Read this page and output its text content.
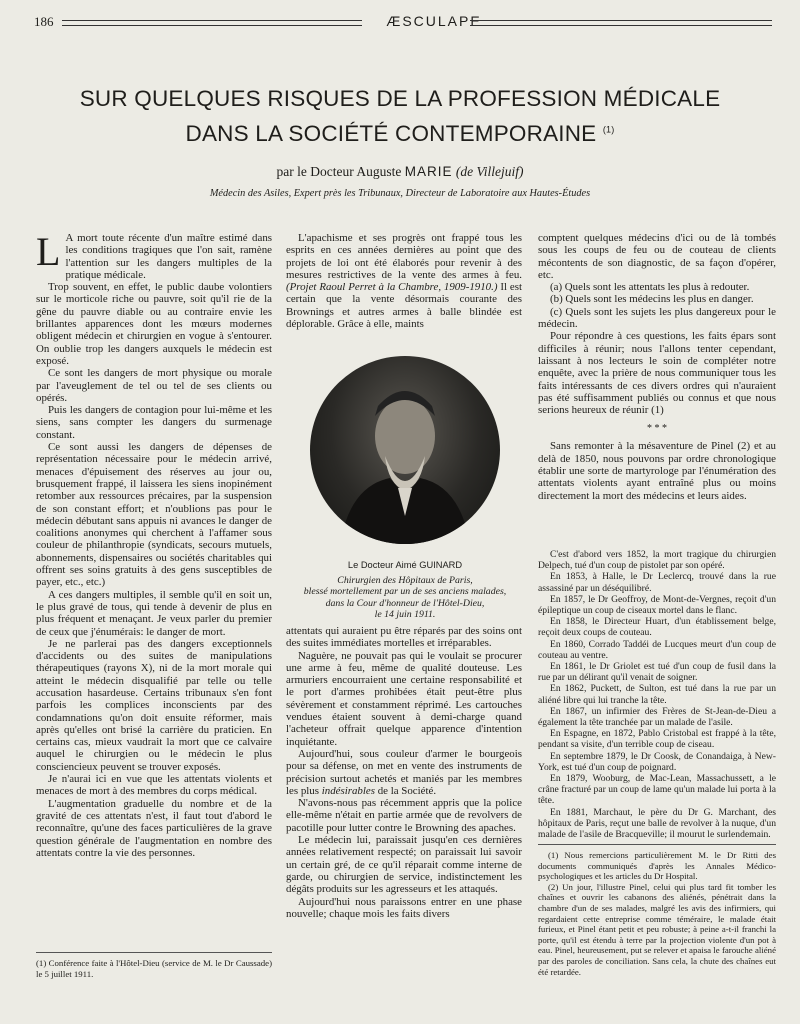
186	ÆSCULAPE
SUR QUELQUES RISQUES DE LA PROFESSION MÉDICALE
DANS LA SOCIÉTÉ CONTEMPORAINE $^{(1)}$
par le Docteur Auguste MARIE (de Villejuif)
Médecin des Asiles, Expert près les Tribunaux, Directeur de Laboratoire aux Hautes-Études

L A mort toute récente d'un maître estimé dans les conditions tragiques que l'on sait, ramène l'attention sur les dangers multiples de la pratique médicale.

Trop souvent, en effet, le public daube volontiers sur le morticole riche ou pauvre, soit qu'il rie de la gêne du pauvre diable ou au contraire envie les brillantes apparences dont les mœurs modernes obligent médecin et chirurgien en vogue à s'entourer. On oublie trop les dangers auxquels le médecin est exposé.

Ce sont les dangers de mort physique ou morale par l'aveuglement de tel ou tel de ses clients ou opérés.

Puis les dangers de contagion pour lui-même et les siens, sans compter les dangers du surmenage constant.

Ce sont aussi les dangers de dépenses de représentation nécessaire pour le médecin arrivé, menaces d'épuisement des réserves au jour ou, brusquement frappé, il laissera les siens inopinément retomber aux ressources précaires, par la suspension de son constant effort; et n'oublions pas pour le médecin débutant sans appuis ni avances le danger de coalitions anonymes qui cherchent à l'affamer sous couleur de philanthropie (syndicats, secours mutuels, abonnements, dispensaires ou sociétés charitables qui offrent ses soins gratuits à des gens susceptibles de payer, etc., etc.)

A ces dangers multiples, il semble qu'il en soit un, le plus gravé de tous, qui tende à devenir de plus en plus fréquent et menaçant. Je veux parler du premier de ceux que j'énumérais: le danger de mort.

Je ne parlerai pas des dangers exceptionnels d'accidents ou des suites de manipulations thérapeutiques (rayons X), ni de la mort morale qui atteint le médecin disqualifié par telle ou telle accusation hasardeuse. Certains tribunaux s'en font parfois les complices inconscients par des condamnations qu'on doit ensuite réformer, mais après qu'elles ont brisé la carrière du praticien. En certains cas, mieux vaudrait la mort que ce calvaire auquel le chirurgien ou le médecin le plus consciencieux peuvent se trouver exposés.

Je n'aurai ici en vue que les attentats violents et menaces de mort à des membres du corps médical.

L'augmentation graduelle du nombre et de la gravité de ces attentats n'est, il faut tout d'abord le reconnaître, qu'une des faces particulières de la grave question générale de l'augmentation en nombre des attentats contre la vie des personnes.

(1) Conférence faite à l'Hôtel-Dieu (service de M. le Dr Caussade) le 5 juillet 1911.

L'apachisme et ses progrès ont frappé tous les esprits en ces années dernières au point que des projets de loi ont été élaborés pour revenir à des mesures restrictives de la vente des armes à feu. (Projet Raoul Perret à la Chambre, 1909-1910.) Il est certain que la vente désormais courante des Brownings et autres armes à balle blindée est déplorable. Grâce à elle, maints

Le Docteur Aimé GUINARD
Chirurgien des Hôpitaux de Paris,
blessé mortellement par un de ses anciens malades,
dans la Cour d'honneur de l'Hôtel-Dieu,
le 14 juin 1911.

attentats qui auraient pu être réparés par des soins ont des suites immédiates mortelles et irréparables.

Naguère, ne pouvait pas qui le voulait se procurer une arme à feu, même de qualité douteuse. Les armuriers encourraient une certaine responsabilité et le port d'armes prohibées était peut-être plus sévèrement et constamment réprimé. Les cartouches vendues étaient souvent à demi-charge quand l'acheteur offrait quelque apparence d'intention inquiétante.

Aujourd'hui, sous couleur d'armer le bourgeois pour sa défense, on met en vente des instruments de précision surtout achetés et maniés par les membres les plus indésirables de la Société.

N'avons-nous pas récemment appris que la police elle-même n'était en partie armée que de revolvers de pacotille pour lutter contre le Browning des apaches.

Le médecin lui, paraissait jusqu'en ces dernières années relativement respecté; on paraissait lui savoir un certain gré, de ce qu'il réparait comme interne de garde, ou chirurgien de service, indistinctement les dégâts produits sur les agresseurs et les attaqués.

Aujourd'hui nous paraissons entrer en une phase nouvelle; chaque mois les faits divers

comptent quelques médecins d'ici ou de là tombés sous les coups de feu ou de couteau de clients mécontents de son diagnostic, de sa façon d'opérer, etc.

(a) Quels sont les attentats les plus à redouter.

(b) Quels sont les médecins les plus en danger.

(c) Quels sont les sujets les plus dangereux pour le médecin.

Pour répondre à ces questions, les faits épars sont difficiles à réunir; nous l'allons tenter cependant, laissant à nos lecteurs le soin de compléter notre enquête, avec la prière de nous communiquer tous les faits intéressants de ces divers ordres qui n'auraient pas été suffisamment publiés ou connus et que nous serions heureux de réunir (1)

* * *

Sans remonter à la mésaventure de Pinel (2) et au delà de 1850, nous pouvons par ordre chronologique établir une sorte de martyrologe par l'énumération des attentats violents ayant entraîné plus ou moins directement la mort des médecins et leurs aides.

C'est d'abord vers 1852, la mort tragique du chirurgien Delpech, tué d'un coup de pistolet par son opéré.

En 1853, à Halle, le Dr Leclercq, trouvé dans la rue assassiné par un déséquilibré.

En 1857, le Dr Geoffroy, de Mont-de-Vergnes, reçoit d'un épileptique un coup de ciseaux mortel dans le flanc.

En 1858, le Directeur Huart, d'un établissement belge, reçoit deux coups de couteau.

En 1860, Corrado Taddéi de Lucques meurt d'un coup de couteau au ventre.

En 1861, le Dr Griolet est tué d'un coup de fusil dans la rue par un délirant qu'il venait de soigner.

En 1862, Puckett, de Sulton, est tué dans la rue par un aliéné libre qui lui tranche la tête.

En 1867, un infirmier des Frères de St-Jean-de-Dieu a également la tête tranchée par un malade de l'asile.

En Espagne, en 1872, Pablo Cristobal est frappé à la tête, pendant sa visite, d'un terrible coup de ciseau.

En septembre 1879, le Dr Coosk, de Conandaiga, à New-York, est tué d'un coup de poignard.

En 1879, Wooburg, de Mac-Lean, Massachussett, a le crâne fracturé par un coup de lame qu'un malade lui porta à la tête.

En 1881, Marchaut, le père du Dr G. Marchant, des hôpitaux de Paris, reçut une balle de revolver à la nuque, d'un malade de l'asile de Bracqueville; il mourut le surlendemain.

(1) Nous remercions particulièrement M. le Dr Ritti des documents communiqués d'après les Annales Médico-psychologiques et les articles du Dr Hospital.
(2) Un jour, l'illustre Pinel, celui qui plus tard fit tomber les chaînes et ouvrir les cabanons des aliénés, pénétrait dans la chambre d'un de ses malades, malgré les avis des infirmiers, qui regardaient cette entreprise comme téméraire, le malade était furieux, et Pinel étant petit et peu robuste; à peine a-t-il franchi la porte, qu'il est étendu à terre par la projection violente d'un pot à eau. Pinel, heureusement, put se relever et apaisa le farouche aliéné par des paroles de conciliation. Sans cela, la chute des chaînes eut été retardée.
